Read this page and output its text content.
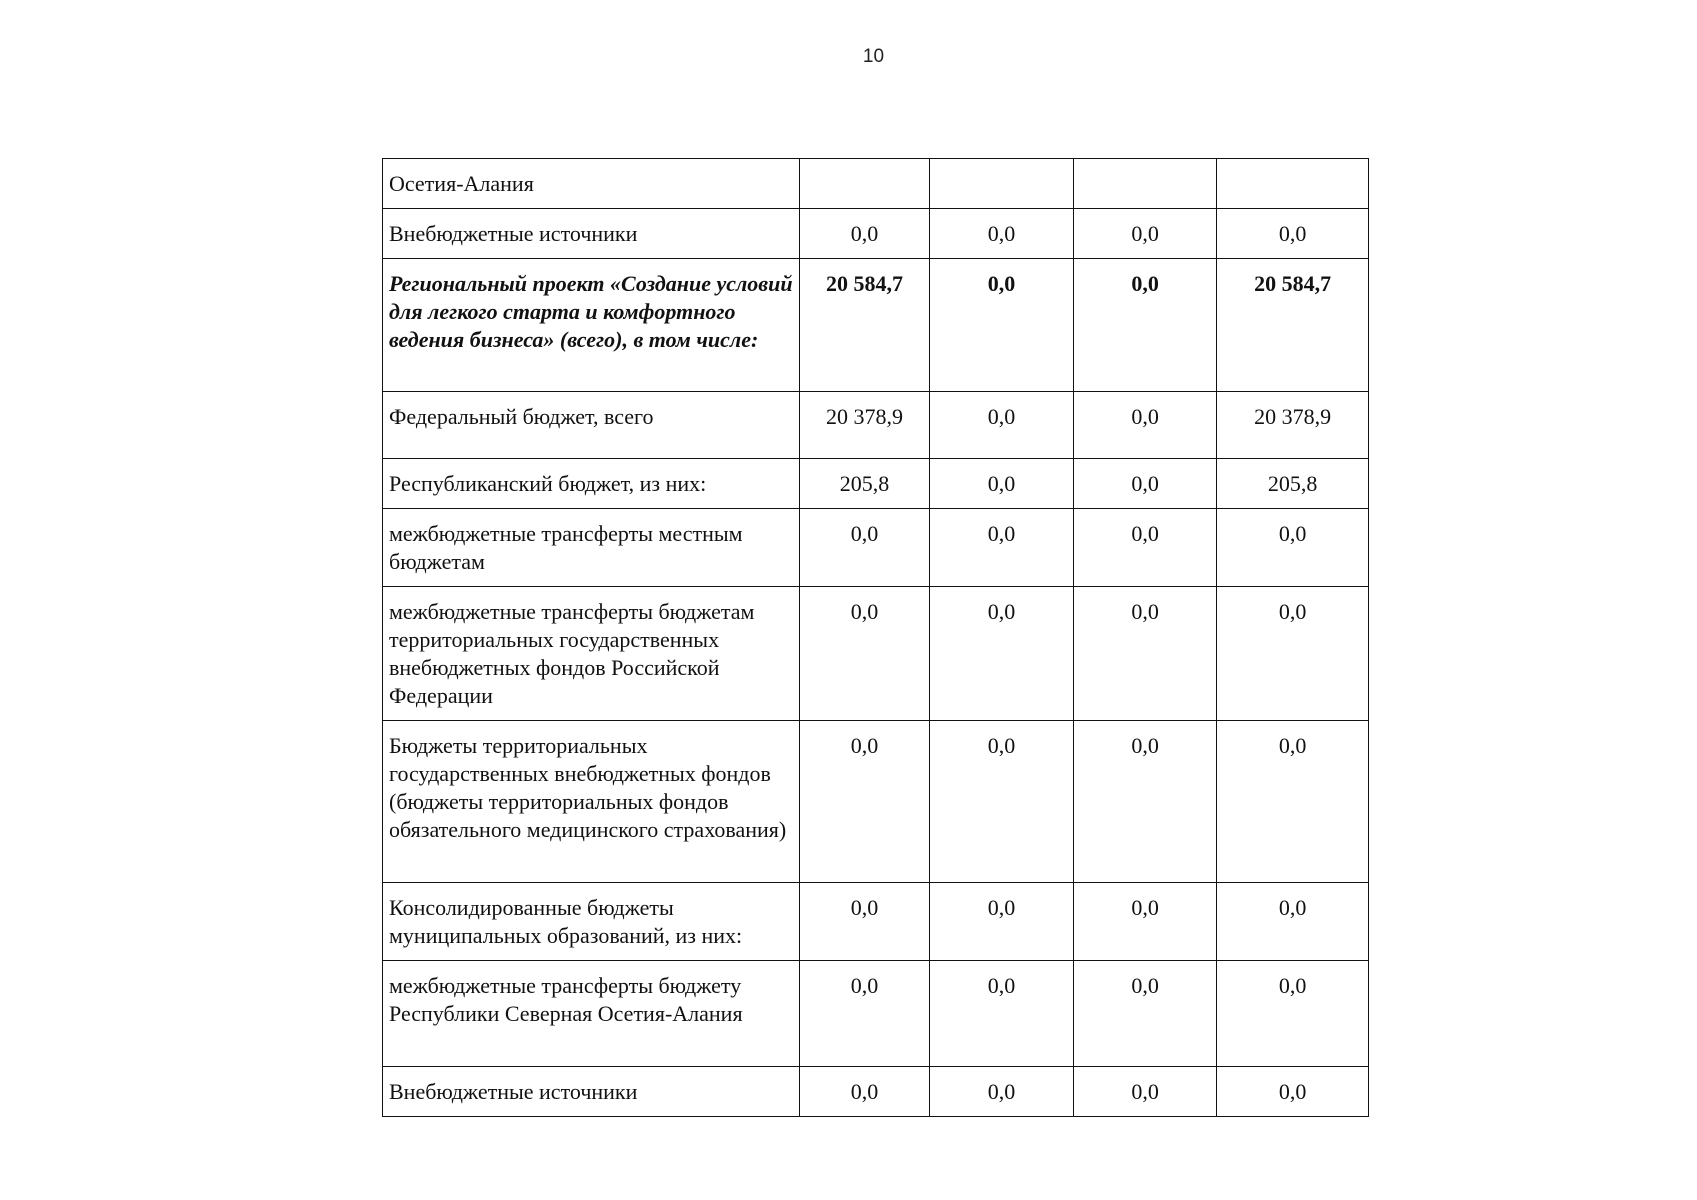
10
Осетия-Алания				
Внебюджетные источники	0,0	0,0	0,0	0,0
Региональный проект «Создание условий для легкого старта и комфортного ведения бизнеса» (всего), в том числе:	20 584,7	0,0	0,0	20 584,7
Федеральный бюджет, всего	20 378,9	0,0	0,0	20 378,9
Республиканский бюджет, из них:	205,8	0,0	0,0	205,8
межбюджетные трансферты местным бюджетам	0,0	0,0	0,0	0,0
межбюджетные трансферты бюджетам территориальных государственных внебюджетных фондов Российской Федерации	0,0	0,0	0,0	0,0
Бюджеты территориальных государственных внебюджетных фондов (бюджеты территориальных фондов обязательного медицинского страхования)	0,0	0,0	0,0	0,0
Консолидированные бюджеты муниципальных образований, из них:	0,0	0,0	0,0	0,0
межбюджетные трансферты бюджету Республики Северная Осетия-Алания	0,0	0,0	0,0	0,0
Внебюджетные источники	0,0	0,0	0,0	0,0
